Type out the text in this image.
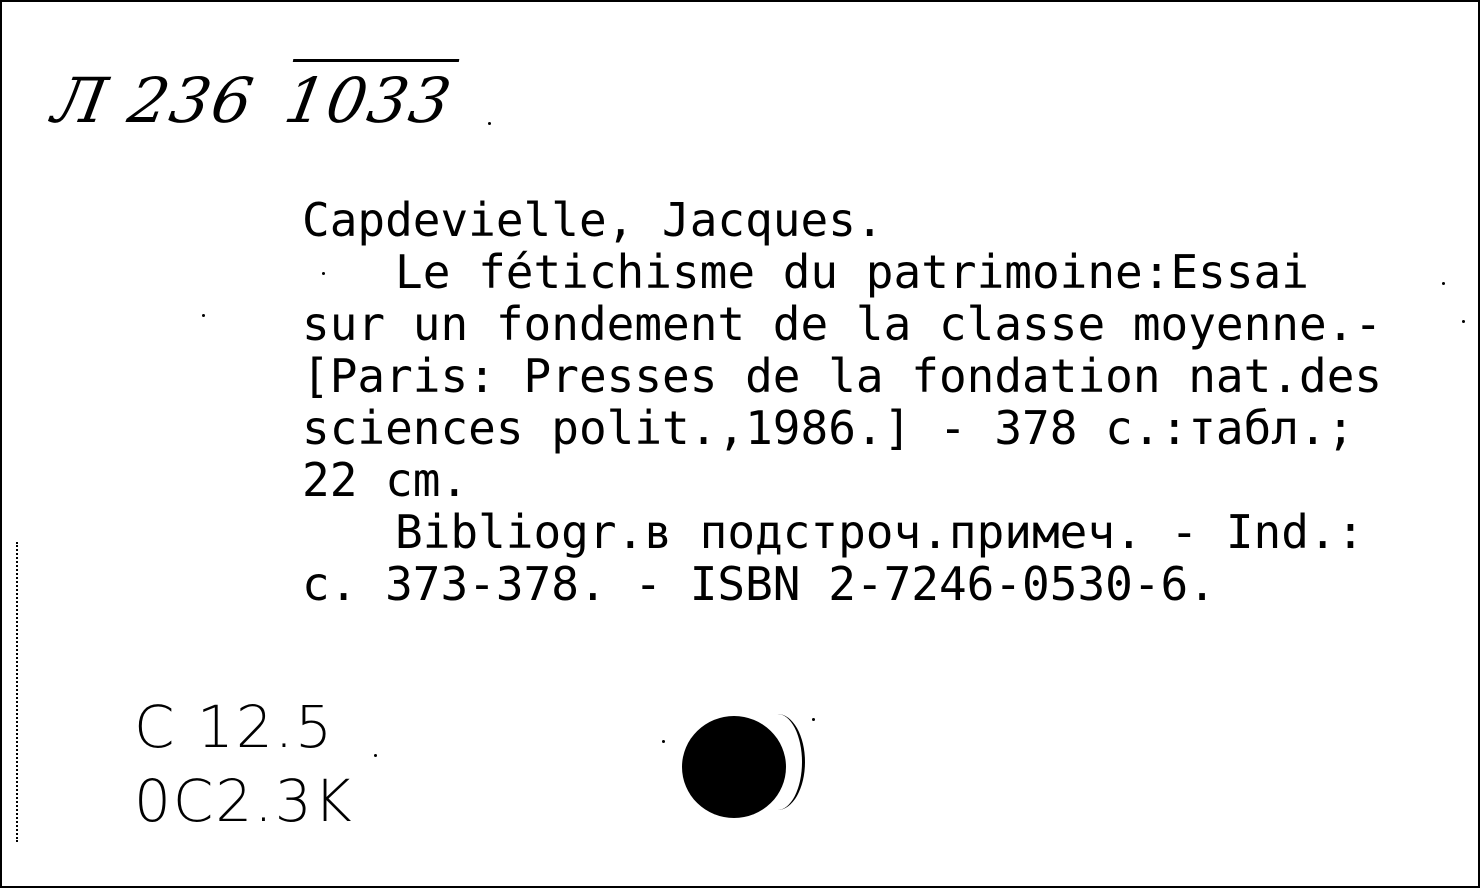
Л 236 1033
Capdevielle, Jacques.
Le fétichisme du patrimoine:Essai
sur un fondement de la classe moyenne.-
[Paris: Presses de la fondation nat.des
sciences polit.,1986.] - 378 c.:табл.;
22 cm.
Bibliogr.в подстроч.примеч. - Ind.:
c. 373-378. - ISBN 2-7246-0530-6.
C 12.5
0C2.3K
